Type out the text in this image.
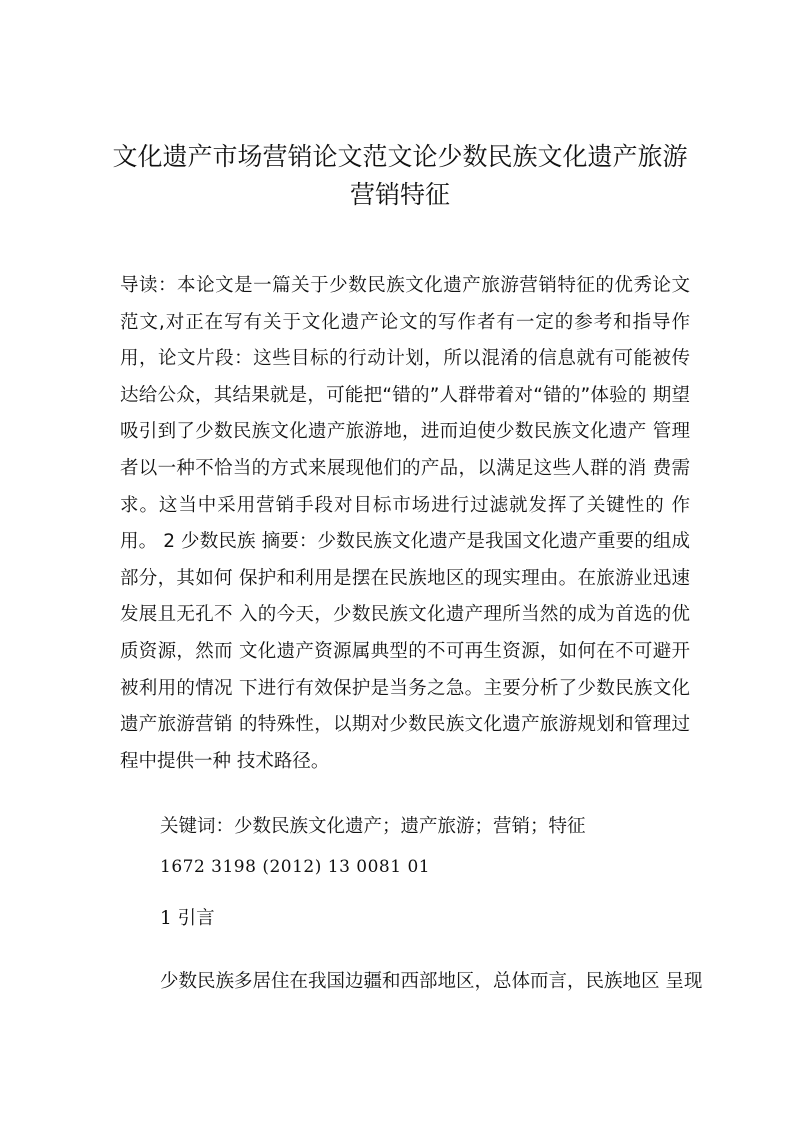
文化遗产市场营销论文范文论少数民族文化遗产旅游营销特征

导读：本论文是一篇关于少数民族文化遗产旅游营销特征的优秀论文 范文,对正在写有关于文化遗产论文的写作者有一定的参考和指导作 用，论文片段：这些目标的行动计划，所以混淆的信息就有可能被传 达给公众，其结果就是，可能把“错的”人群带着对“错的”体验的 期望吸引到了少数民族文化遗产旅游地，进而迫使少数民族文化遗产 管理者以一种不恰当的方式来展现他们的产品，以满足这些人群的消 费需求。这当中采用营销手段对目标市场进行过滤就发挥了关键性的 作用。 2 少数民族 摘要：少数民族文化遗产是我国文化遗产重要的组成部分，其如何 保护和利用是摆在民族地区的现实理由。在旅游业迅速发展且无孔不 入的今天，少数民族文化遗产理所当然的成为首选的优质资源，然而 文化遗产资源属典型的不可再生资源，如何在不可避开被利用的情况 下进行有效保护是当务之急。主要分析了少数民族文化遗产旅游营销 的特殊性，以期对少数民族文化遗产旅游规划和管理过程中提供一种 技术路径。

关键词：少数民族文化遗产；遗产旅游；营销；特征

1672 3198 (2012) 13 0081 01

1 引言

少数民族多居住在我国边疆和西部地区，总体而言，民族地区 呈现
